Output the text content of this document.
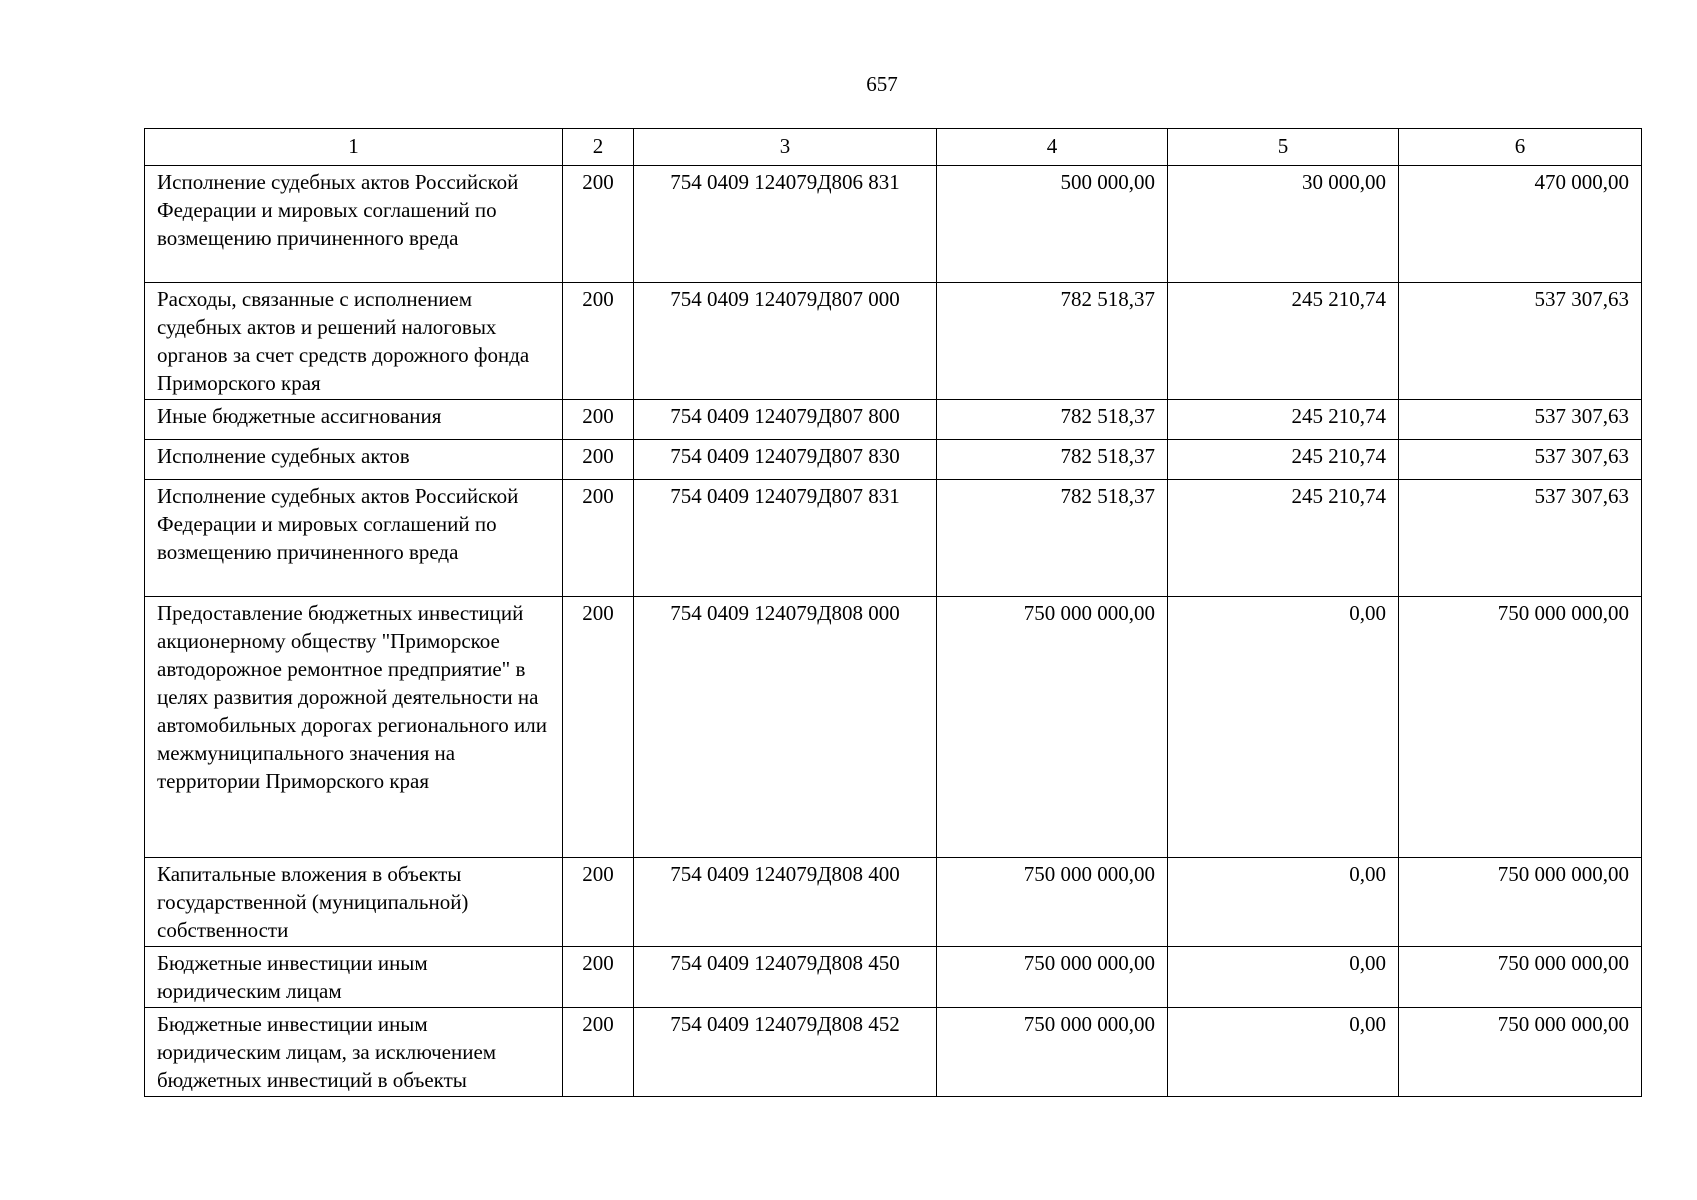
657
1	2	3	4	5	6
Исполнение судебных актов Российской Федерации и мировых соглашений по возмещению причиненного вреда	200	754 0409 124079Д806 831	500 000,00	30 000,00	470 000,00
Расходы, связанные с исполнением судебных актов и решений налоговых органов за счет средств дорожного фонда Приморского края	200	754 0409 124079Д807 000	782 518,37	245 210,74	537 307,63
Иные бюджетные ассигнования	200	754 0409 124079Д807 800	782 518,37	245 210,74	537 307,63
Исполнение судебных актов	200	754 0409 124079Д807 830	782 518,37	245 210,74	537 307,63
Исполнение судебных актов Российской Федерации и мировых соглашений по возмещению причиненного вреда	200	754 0409 124079Д807 831	782 518,37	245 210,74	537 307,63
Предоставление бюджетных инвестиций акционерному обществу "Приморское автодорожное ремонтное предприятие" в целях развития дорожной деятельности на автомобильных дорогах регионального или межмуниципального значения на территории Приморского края	200	754 0409 124079Д808 000	750 000 000,00	0,00	750 000 000,00
Капитальные вложения в объекты государственной (муниципальной) собственности	200	754 0409 124079Д808 400	750 000 000,00	0,00	750 000 000,00
Бюджетные инвестиции иным юридическим лицам	200	754 0409 124079Д808 450	750 000 000,00	0,00	750 000 000,00
Бюджетные инвестиции иным юридическим лицам, за исключением бюджетных инвестиций в объекты	200	754 0409 124079Д808 452	750 000 000,00	0,00	750 000 000,00
